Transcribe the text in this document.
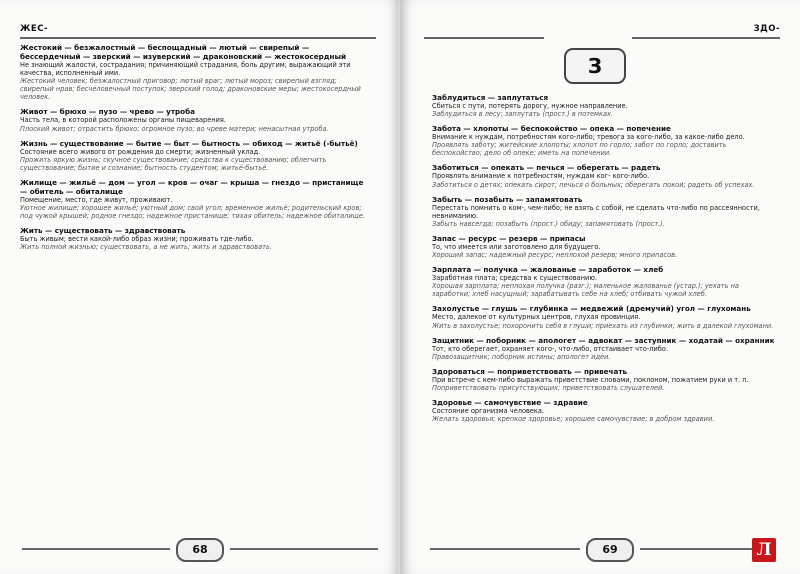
ЖЕС-
Жестокий — безжалостный — беспощадный — лютый — свирепый — бессердечный — зверский — изуверский — драконовский — жестокосердный
Не знающий жалости, сострадания; причиняющий страдания, боль другим; выражающий эти качества, исполненный ими.
Жестокий человек; безжалостный приговор; лютый враг; лютый мороз; свирепый взгляд; свирепый нрав; бесчеловечный поступок; зверский голод; драконовские меры; жестокосердный человек.
Живот — брюхо — пузо — чрево — утроба
Часть тела, в которой расположены органы пищеварения.
Плоский живот; отрастить брюхо; огромное пузо; во чреве матери; ненасытная утроба.
Жизнь — существование — бытие — быт — бытность — обиход — житьё (-бытьё)
Состояние всего живого от рождения до смерти; жизненный уклад.
Прожить яркую жизнь; скучное существование; средства к существованию; облегчить существование; бытие и сознание; бытность студентом; житьё-бытьё.
Жилище — жильё — дом — угол — кров — очаг — крыша — гнездо — пристанище — обитель — обиталище
Помещение, место, где живут, проживают.
Уютное жилище; хорошее жильё; уютный дом; свой угол; временное жильё; родительский кров; под чужой крышей; родное гнездо; надежное пристанище; тихая обитель; надежное обиталище.
Жить — существовать — здравствовать
Быть живым; вести какой-либо образ жизни; проживать где-либо.
Жить полной жизнью; существовать, а не жить; жить и здравствовать.
68
ЗДО-
З
Заблудиться — заплутаться
Сбиться с пути, потерять дорогу, нужное направление.
Заблудиться в лесу; заплутать (прост.) в потемках.
Забота — хлопоты — беспокойство — опека — попечение
Внимание к нуждам, потребностям кого-либо; тревога за кого-либо, за какое-либо дело.
Проявлять заботу; житейские хлопоты; хлопот по горло; забот по горло; доставить беспокойство; дело об опеке; иметь на попечении.
Заботиться — опекать — печься — оберегать — радеть
Проявлять внимание к потребностям, нуждам ког- кого-либо.
Заботиться о детях; опекать сирот; печься о больных; оберегать покой; радеть об успехах.
Забыть — позабыть — запамятовать
Перестать помнить о ком-, чем-либо; не взять с собой, не сделать что-либо по рассеянности, невниманию.
Забыть навсегда; позабыть (прост.) обиду; запамятовать (прост.).
Запас — ресурс — резерв — припасы
То, что имеется или заготовлено для будущего.
Хороший запас; надежный ресурс; неплохой резерв; много припасов.
Зарплата — получка — жалованье — заработок — хлеб
Заработная плата; средства к существованию.
Хорошая зарплата; неплохая получка (разг.); маленькое жалованье (устар.); уехать на заработки; хлеб насущный; зарабатывать себе на хлеб; отбивать чужой хлеб.
Захолустье — глушь — глубинка — медвежий (дремучий) угол — глухомань
Место, далекое от культурных центров, глухая провинция.
Жить в захолустье; похоронить себя в глуши; приехать из глубинки; жить в далекой глухомани.
Защитник — поборник — апологет — адвокат — заступник — ходатай — охранник
Тот, кто оберегает, охраняет кого-, что-либо, отстаивает что-либо.
Правозащитник; поборник истины; апологет идеи.
Здороваться — поприветствовать — привечать
При встрече с кем-либо выражать приветствие словами, поклоном, пожатием руки и т. п.
Поприветствовать присутствующих; приветствовать слушателей.
Здоровье — самочувствие — здравие
Состояние организма человека.
Желать здоровья; крепкое здоровье; хорошее самочувствие; в добром здравии.
69	Л
